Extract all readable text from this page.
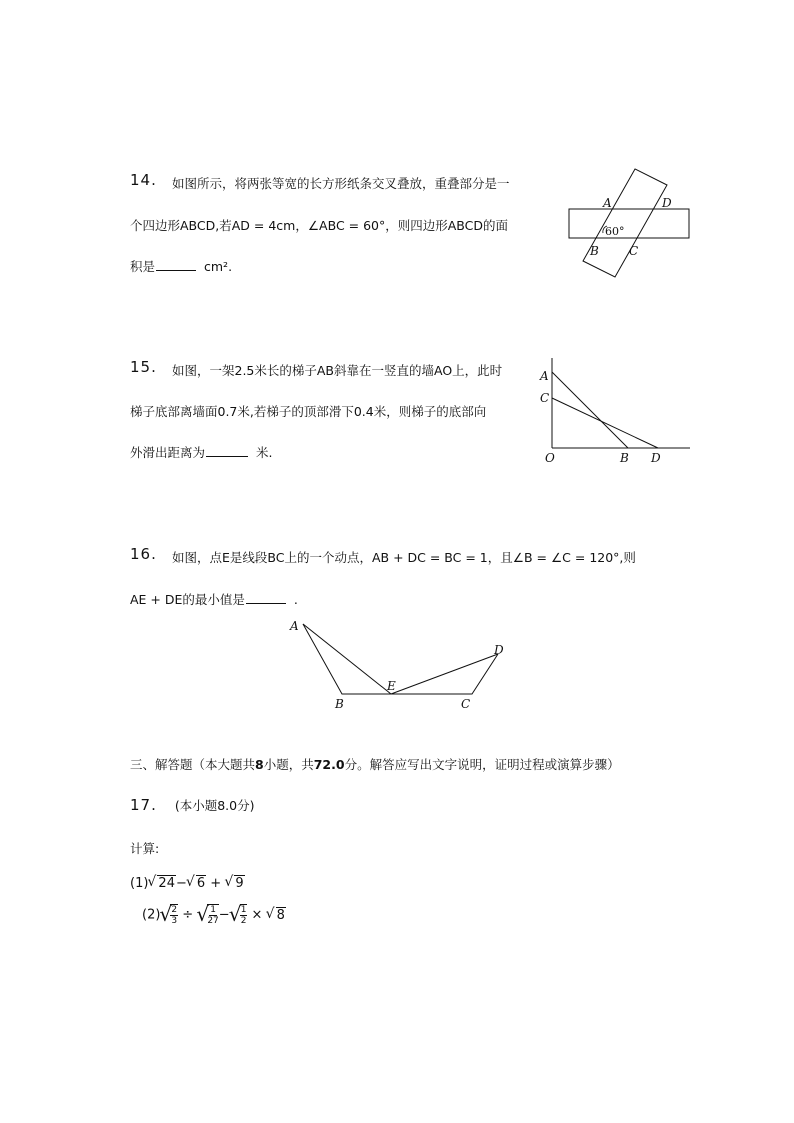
14. 如图所示，将两张等宽的长方形纸条交叉叠放，重叠部分是一
个四边形ABCD,若AD = 4cm，∠ABC = 60°，则四边形ABCD的面
积是	cm².
A	D
B	C
60°
15. 如图，一架2.5米长的梯子AB斜靠在一竖直的墙AO上，此时
梯子底部离墙面0.7米,若梯子的顶部滑下0.4米，则梯子的底部向
外滑出距离为	米.
A
C
O	B D
16. 如图，点E是线段BC上的一个动点，AB + DC = BC = 1，且∠B = ∠C = 120°,则
AE + DE的最小值是	.
A
D
E
B	C
三、解答题（本大题共8小题，共72.0分。解答应写出文字说明，证明过程或演算步骤）
17. (本小题8.0分)
计算:
(1) √ 24− √ 6 + √ 9
(2) √ $\frac{2}{3}$ ÷ √ $\frac{1}{27}$ − √ $\frac{1}{2}$ × √ 8
